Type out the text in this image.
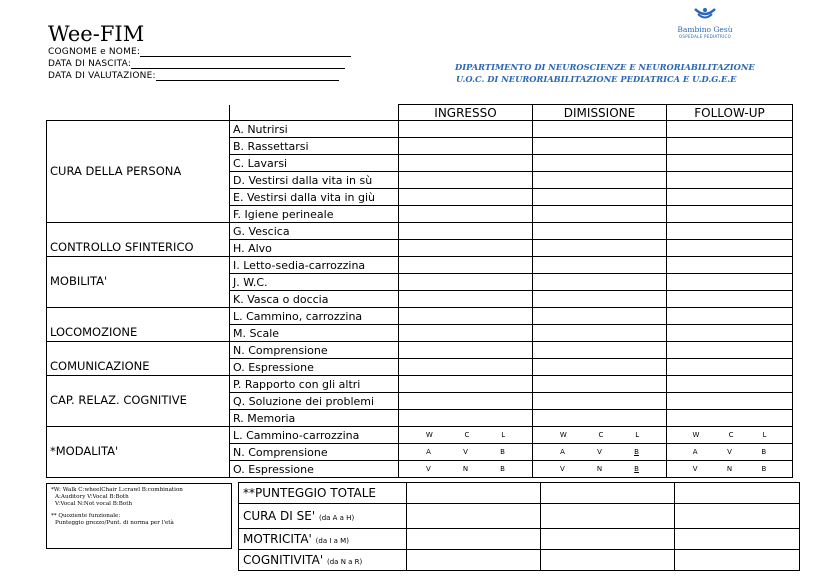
Wee-FIM
COGNOME e NOME:
DATA DI NASCITA:
DATA DI VALUTAZIONE:
Bambino Gesù
OSPEDALE PEDIATRICO
DIPARTIMENTO DI NEUROSCIENZE E NEURORIABILITAZIONE
U.O.C. DI NEURORIABILITAZIONE PEDIATRICA E U.D.G.E.E
		INGRESSO	DIMISSIONE	FOLLOW-UP
CURA DELLA PERSONA	A. Nutrirsi			
	B. Rassettarsi			
	C. Lavarsi			
	D. Vestirsi dalla vita in sù			
	E. Vestirsi dalla vita in giù			
	F. Igiene perineale			
CONTROLLO SFINTERICO	G. Vescica			
	H. Alvo			
MOBILITA'	I. Letto-sedia-carrozzina			
	J. W.C.			
	K. Vasca o doccia			
LOCOMOZIONE	L. Cammino, carrozzina			
	M. Scale			
COMUNICAZIONE	N. Comprensione			
	O. Espressione			
CAP. RELAZ. COGNITIVE	P. Rapporto con gli altri			
	Q. Soluzione dei problemi			
	R. Memoria			
*MODALITA'	L. Cammino-carrozzina	W C L	W C L	W C L

	N. Comprensione	A V B	A V B	A V B

	O. Espressione	V N B	V N B	V N B
*W: Walk C:wheelChair L:crawl B:combination
A:Auditory V:Vocal B:Both
V:Vocal N:Not vocal B:Both
** Quoziente funzionale:
Punteggio grezzo/Punt. di norma per l'età
**PUNTEGGIO TOTALE			
CURA DI SE' (da A a H)			
MOTRICITA' (da I a M)			
COGNITIVITA' (da N a R)			
